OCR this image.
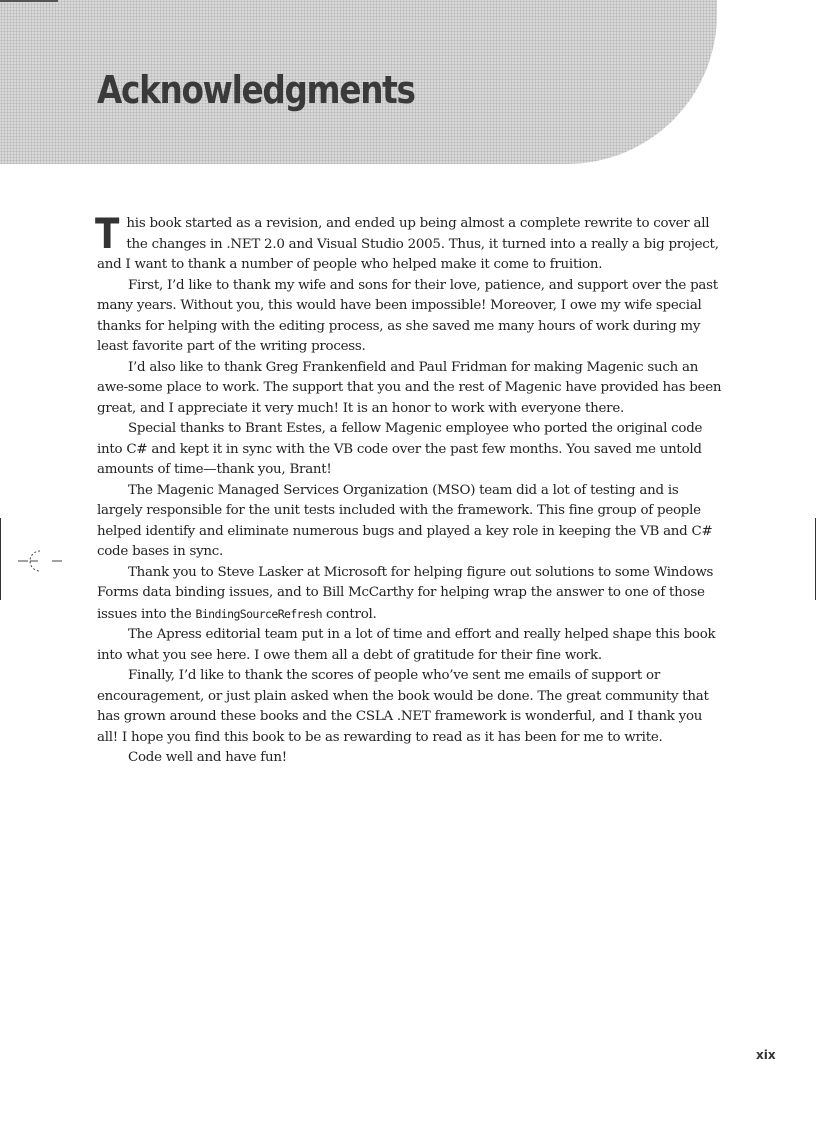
Acknowledgments

This book started as a revision, and ended up being almost a complete rewrite to cover all the changes in .NET 2.0 and Visual Studio 2005. Thus, it turned into a really a big project, and I want to thank a number of people who helped make it come to fruition.

First, I’d like to thank my wife and sons for their love, patience, and support over the past many years. Without you, this would have been impossible! Moreover, I owe my wife special thanks for helping with the editing process, as she saved me many hours of work during my least favorite part of the writing process.

I’d also like to thank Greg Frankenfield and Paul Fridman for making Magenic such an awe-some place to work. The support that you and the rest of Magenic have provided has been great, and I appreciate it very much! It is an honor to work with everyone there.

Special thanks to Brant Estes, a fellow Magenic employee who ported the original code into C# and kept it in sync with the VB code over the past few months. You saved me untold amounts of time—thank you, Brant!

The Magenic Managed Services Organization (MSO) team did a lot of testing and is largely responsible for the unit tests included with the framework. This fine group of people helped identify and eliminate numerous bugs and played a key role in keeping the VB and C# code bases in sync.

Thank you to Steve Lasker at Microsoft for helping figure out solutions to some Windows Forms data binding issues, and to Bill McCarthy for helping wrap the answer to one of those issues into the BindingSourceRefresh control.

The Apress editorial team put in a lot of time and effort and really helped shape this book into what you see here. I owe them all a debt of gratitude for their fine work.

Finally, I’d like to thank the scores of people who’ve sent me emails of support or encouragement, or just plain asked when the book would be done. The great community that has grown around these books and the CSLA .NET framework is wonderful, and I thank you all! I hope you find this book to be as rewarding to read as it has been for me to write.

Code well and have fun!

xix
